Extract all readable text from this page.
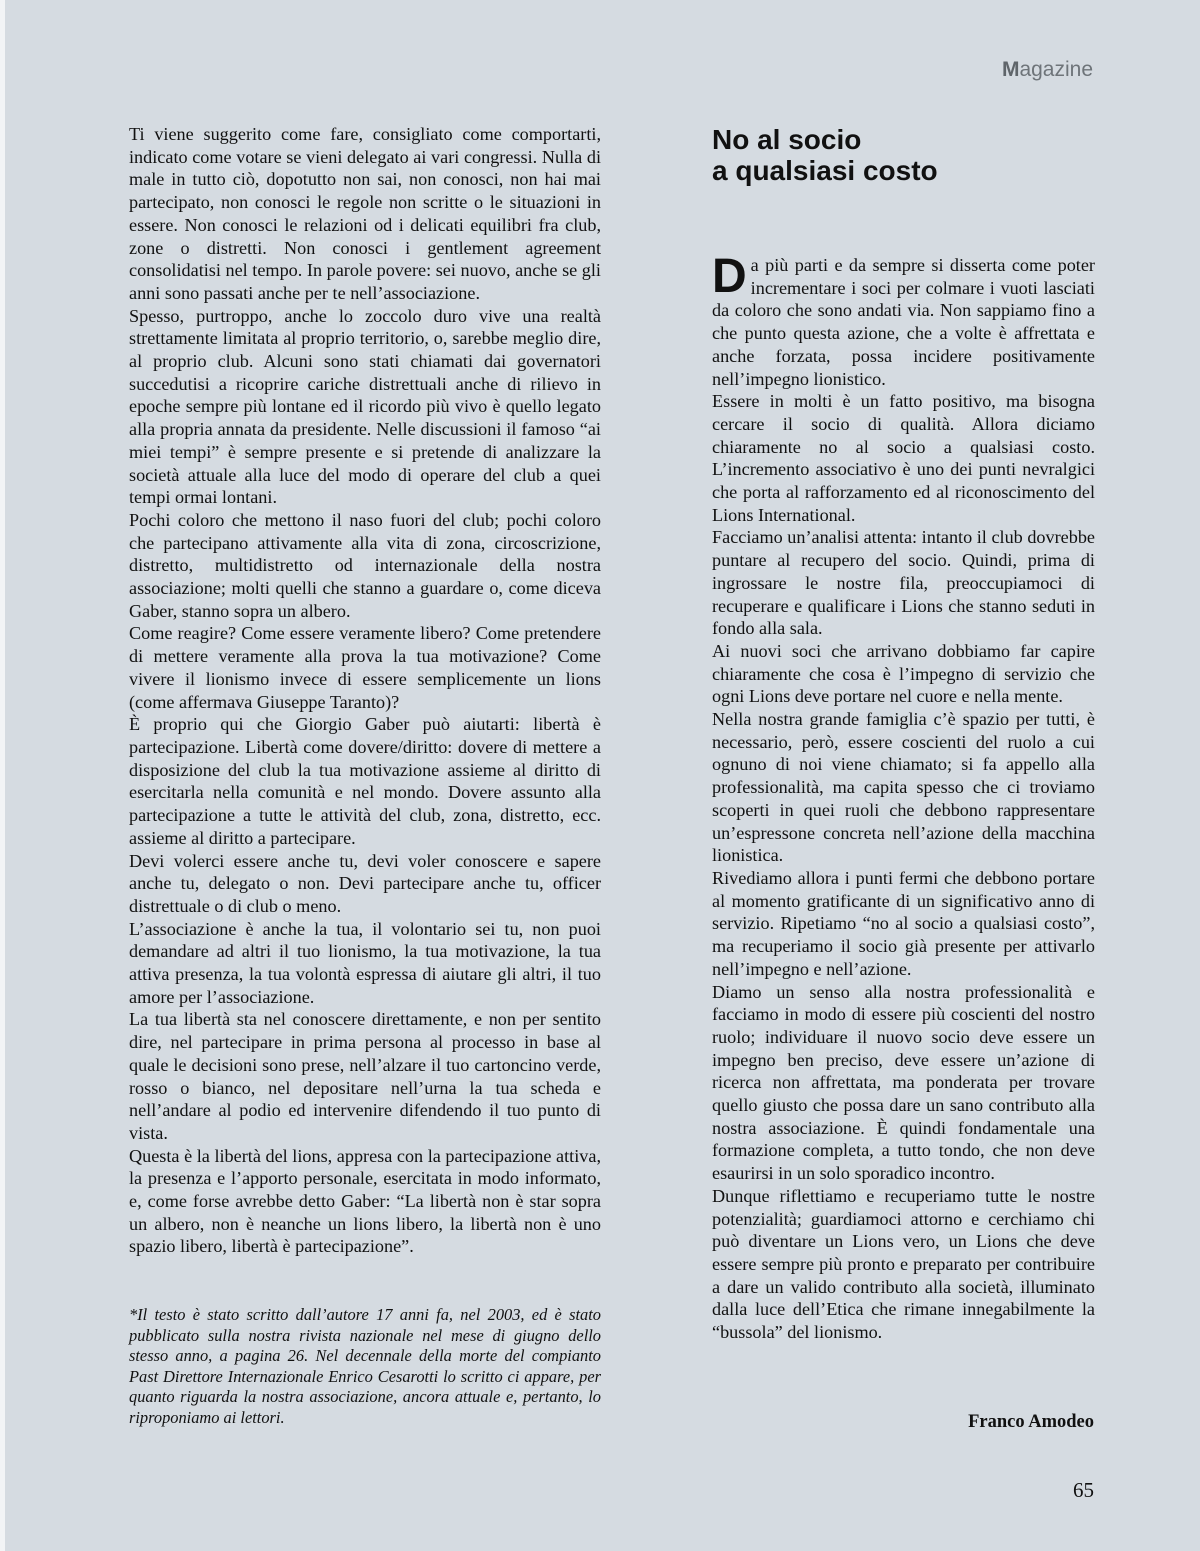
Magazine

Ti viene suggerito come fare, consigliato come comportarti, indicato come votare se vieni delegato ai vari congressi. Nulla di male in tutto ciò, dopotutto non sai, non conosci, non hai mai partecipato, non conosci le regole non scritte o le situazioni in essere. Non conosci le relazioni od i delicati equilibri fra club, zone o distretti. Non conosci i gentlement agreement consolidatisi nel tempo. In parole povere: sei nuovo, anche se gli anni sono passati anche per te nell’associazione.

Spesso, purtroppo, anche lo zoccolo duro vive una realtà strettamente limitata al proprio territorio, o, sarebbe meglio dire, al proprio club. Alcuni sono stati chiamati dai governatori succedutisi a ricoprire cariche distrettuali anche di rilievo in epoche sempre più lontane ed il ricordo più vivo è quello legato alla propria annata da presidente. Nelle discussioni il famoso “ai miei tempi” è sempre presente e si pretende di analizzare la società attuale alla luce del modo di operare del club a quei tempi ormai lontani.

Pochi coloro che mettono il naso fuori del club; pochi coloro che partecipano attivamente alla vita di zona, circoscrizione, distretto, multidistretto od internazionale della nostra associazione; molti quelli che stanno a guardare o, come diceva Gaber, stanno sopra un albero.

Come reagire? Come essere veramente libero? Come pretendere di mettere veramente alla prova la tua motivazione? Come vivere il lionismo invece di essere semplicemente un lions (come affermava Giuseppe Taranto)?

È proprio qui che Giorgio Gaber può aiutarti: libertà è partecipazione. Libertà come dovere/diritto: dovere di mettere a disposizione del club la tua motivazione assieme al diritto di esercitarla nella comunità e nel mondo. Dovere assunto alla partecipazione a tutte le attività del club, zona, distretto, ecc. assieme al diritto a partecipare.

Devi volerci essere anche tu, devi voler conoscere e sapere anche tu, delegato o non. Devi partecipare anche tu, officer distrettuale o di club o meno.

L’associazione è anche la tua, il volontario sei tu, non puoi demandare ad altri il tuo lionismo, la tua motivazione, la tua attiva presenza, la tua volontà espressa di aiutare gli altri, il tuo amore per l’associazione.

La tua libertà sta nel conoscere direttamente, e non per sentito dire, nel partecipare in prima persona al processo in base al quale le decisioni sono prese, nell’alzare il tuo cartoncino verde, rosso o bianco, nel depositare nell’urna la tua scheda e nell’andare al podio ed intervenire difendendo il tuo punto di vista.

Questa è la libertà del lions, appresa con la partecipazione attiva, la presenza e l’apporto personale, esercitata in modo informato, e, come forse avrebbe detto Gaber: “La libertà non è star sopra un albero, non è neanche un lions libero, la libertà non è uno spazio libero, libertà è partecipazione”.

*Il testo è stato scritto dall’autore 17 anni fa, nel 2003, ed è stato pubblicato sulla nostra rivista nazionale nel mese di giugno dello stesso anno, a pagina 26. Nel decennale della morte del compianto Past Direttore Internazionale Enrico Cesarotti lo scritto ci appare, per quanto riguarda la nostra associazione, ancora attuale e, pertanto, lo riproponiamo ai lettori.
No al socio
a qualsiasi costo

Da più parti e da sempre si disserta come poter incrementare i soci per colmare i vuoti lasciati da coloro che sono andati via. Non sappiamo fino a che punto questa azione, che a volte è affrettata e anche forzata, possa incidere positivamente nell’impegno lionistico.

Essere in molti è un fatto positivo, ma bisogna cercare il socio di qualità. Allora diciamo chiaramente no al socio a qualsiasi costo. L’incremento associativo è uno dei punti nevralgici che porta al rafforzamento ed al riconoscimento del Lions International.

Facciamo un’analisi attenta: intanto il club dovrebbe puntare al recupero del socio. Quindi, prima di ingrossare le nostre fila, preoccupiamoci di recuperare e qualificare i Lions che stanno seduti in fondo alla sala.

Ai nuovi soci che arrivano dobbiamo far capire chiaramente che cosa è l’impegno di servizio che ogni Lions deve portare nel cuore e nella mente.

Nella nostra grande famiglia c’è spazio per tutti, è necessario, però, essere coscienti del ruolo a cui ognuno di noi viene chiamato; si fa appello alla professionalità, ma capita spesso che ci troviamo scoperti in quei ruoli che debbono rappresentare un’espressone concreta nell’azione della macchina lionistica.

Rivediamo allora i punti fermi che debbono portare al momento gratificante di un significativo anno di servizio. Ripetiamo “no al socio a qualsiasi costo”, ma recuperiamo il socio già presente per attivarlo nell’impegno e nell’azione.

Diamo un senso alla nostra professionalità e facciamo in modo di essere più coscienti del nostro ruolo; individuare il nuovo socio deve essere un impegno ben preciso, deve essere un’azione di ricerca non affrettata, ma ponderata per trovare quello giusto che possa dare un sano contributo alla nostra associazione. È quindi fondamentale una formazione completa, a tutto tondo, che non deve esaurirsi in un solo sporadico incontro.

Dunque riflettiamo e recuperiamo tutte le nostre potenzialità; guardiamoci attorno e cerchiamo chi può diventare un Lions vero, un Lions che deve essere sempre più pronto e preparato per contribuire a dare un valido contributo alla società, illuminato dalla luce dell’Etica che rimane innegabilmente la “bussola” del lionismo.

Franco Amodeo
65
